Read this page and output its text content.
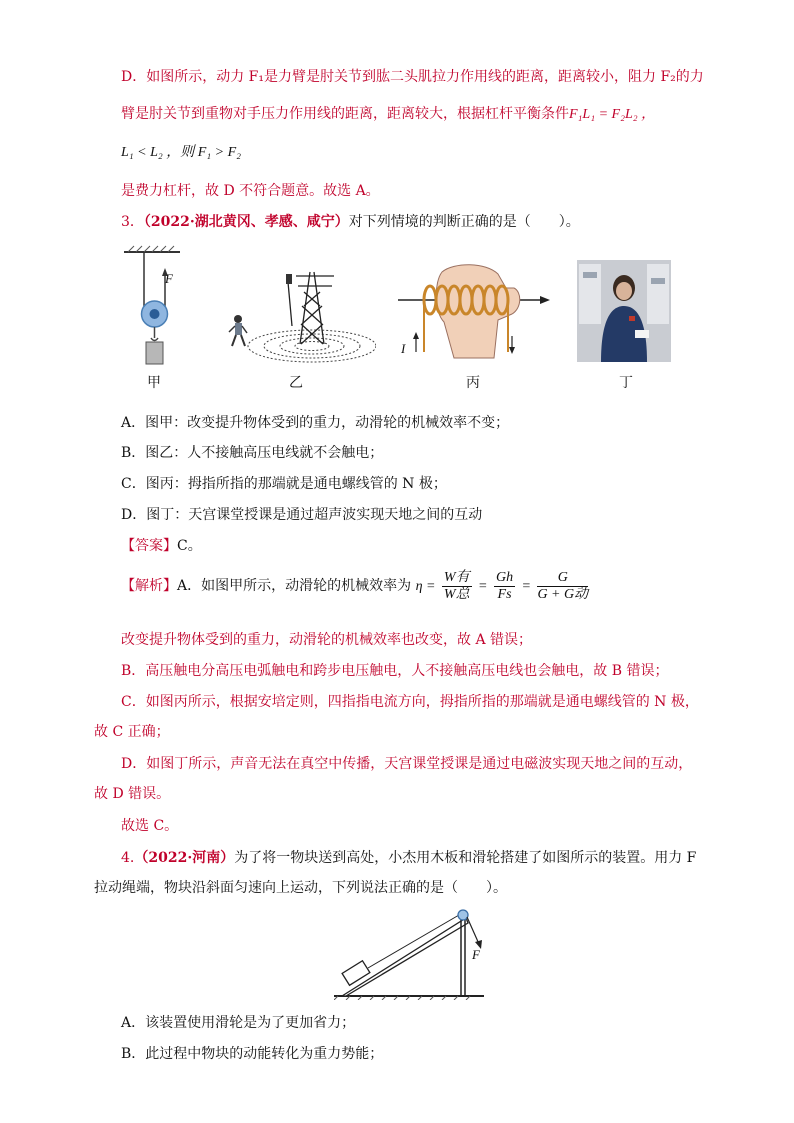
D．如图所示，动力 F₁是力臂是肘关节到肱二头肌拉力作用线的距离，距离较小，阻力 F₂的力
臂是肘关节到重物对手压力作用线的距离，距离较大，根据杠杆平衡条件F₁L₁ = F₂L₂ ，
L₁ < L₂ ，则 F₁ > F₂
是费力杠杆，故 D 不符合题意。故选 A。
3．（2022·湖北黄冈、孝感、咸宁）对下列情境的判断正确的是（　　）。
F
I
甲	乙	丙	丁
A．图甲：改变提升物体受到的重力，动滑轮的机械效率不变；
B．图乙：人不接触高压电线就不会触电；
C．图丙：拇指所指的那端就是通电螺线管的 N 极；
D．图丁：天宫课堂授课是通过超声波实现天地之间的互动
【答案】C。
【解析】A．如图甲所示，动滑轮的机械效率为 $\eta = \frac{\text{W有}}{\text{W总}} = \frac{Gh}{Fs} = \frac{G}{\text{G + G动}}$
改变提升物体受到的重力，动滑轮的机械效率也改变，故 A 错误；
B．高压触电分高压电弧触电和跨步电压触电，人不接触高压电线也会触电，故 B 错误；
C．如图丙所示，根据安培定则，四指指电流方向，拇指所指的那端就是通电螺线管的 N 极，
故 C 正确；
D．如图丁所示，声音无法在真空中传播，天宫课堂授课是通过电磁波实现天地之间的互动，
故 D 错误。
故选 C。
4.（2022·河南）为了将一物块送到高处，小杰用木板和滑轮搭建了如图所示的装置。用力 F
拉动绳端，物块沿斜面匀速向上运动，下列说法正确的是（　　）。
F
A．该装置使用滑轮是为了更加省力；
B．此过程中物块的动能转化为重力势能；
